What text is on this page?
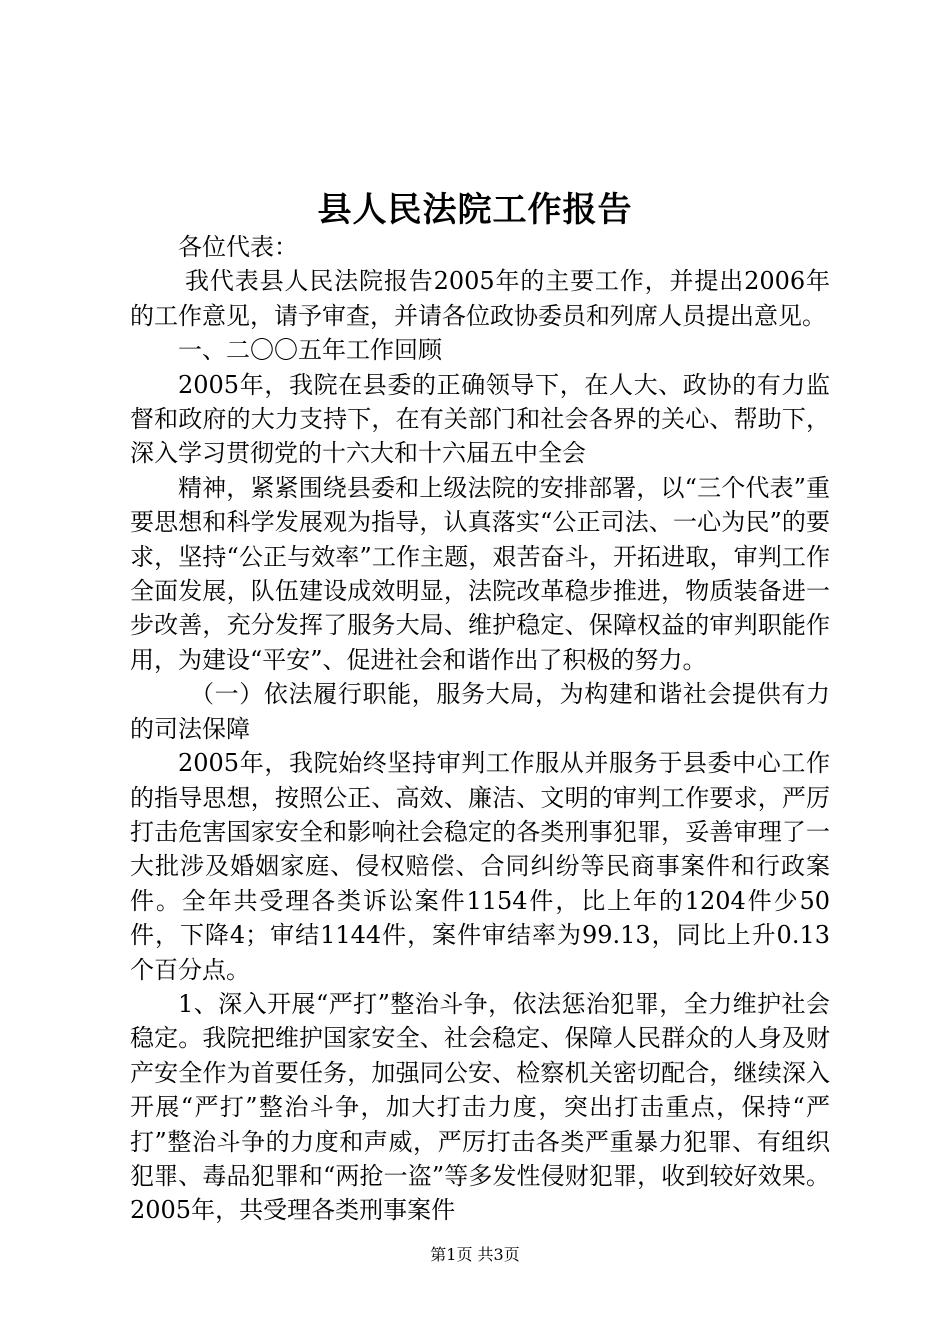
县人民法院工作报告

各位代表：

我代表县人民法院报告2005年的主要工作，并提出2006年的工作意见，请予审查，并请各位政协委员和列席人员提出意见。

一、二〇〇五年工作回顾

2005年，我院在县委的正确领导下，在人大、政协的有力监督和政府的大力支持下，在有关部门和社会各界的关心、帮助下，深入学习贯彻党的十六大和十六届五中全会

精神，紧紧围绕县委和上级法院的安排部署，以“三个代表”重要思想和科学发展观为指导，认真落实“公正司法、一心为民”的要求，坚持“公正与效率”工作主题，艰苦奋斗，开拓进取，审判工作全面发展，队伍建设成效明显，法院改革稳步推进，物质装备进一步改善，充分发挥了服务大局、维护稳定、保障权益的审判职能作用，为建设“平安”、促进社会和谐作出了积极的努力。

（一）依法履行职能，服务大局，为构建和谐社会提供有力的司法保障

2005年，我院始终坚持审判工作服从并服务于县委中心工作的指导思想，按照公正、高效、廉洁、文明的审判工作要求，严厉打击危害国家安全和影响社会稳定的各类刑事犯罪，妥善审理了一大批涉及婚姻家庭、侵权赔偿、合同纠纷等民商事案件和行政案件。全年共受理各类诉讼案件1154件，比上年的1204件少50件，下降4；审结1144件，案件审结率为99.13，同比上升0.13个百分点。

1、深入开展“严打”整治斗争，依法惩治犯罪，全力维护社会稳定。我院把维护国家安全、社会稳定、保障人民群众的人身及财产安全作为首要任务，加强同公安、检察机关密切配合，继续深入开展“严打”整治斗争，加大打击力度，突出打击重点，保持“严打”整治斗争的力度和声威，严厉打击各类严重暴力犯罪、有组织犯罪、毒品犯罪和“两抢一盗”等多发性侵财犯罪，收到较好效果。2005年，共受理各类刑事案件

第1页 共3页
